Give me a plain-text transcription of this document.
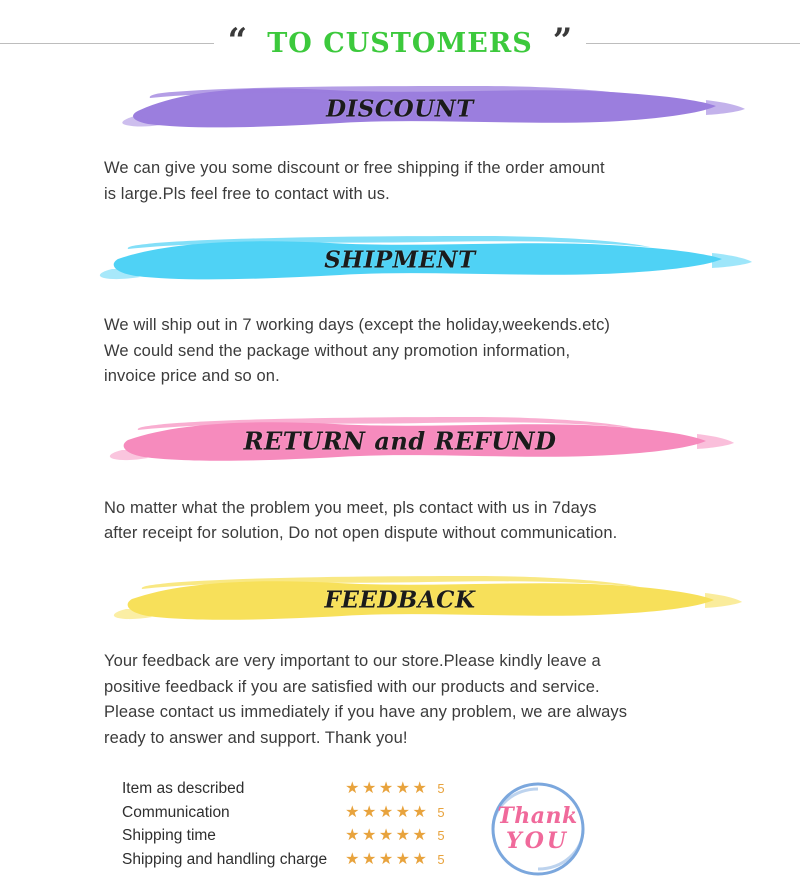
“ TO CUSTOMERS ”
DISCOUNT

We can give you some discount or free shipping if the order amount

is large.Pls feel free to contact with us.

SHIPMENT

We will ship out in 7 working days (except the holiday,weekends.etc)

We could send the package without any promotion information,

invoice price and so on.

RETURN and REFUND

No matter what the problem you meet, pls contact with us in 7days

after receipt for solution, Do not open dispute without communication.

FEEDBACK

Your feedback are very important to our store.Please kindly leave a

positive feedback if you are satisfied with our products and service.

Please contact us immediately if you have any problem, we are always

ready to answer and support. Thank you!

Item as described
Communication
Shipping time
Shipping and handling charge
★★★★★ 5
★★★★★ 5
★★★★★ 5
★★★★★ 5
Thank
YOU
